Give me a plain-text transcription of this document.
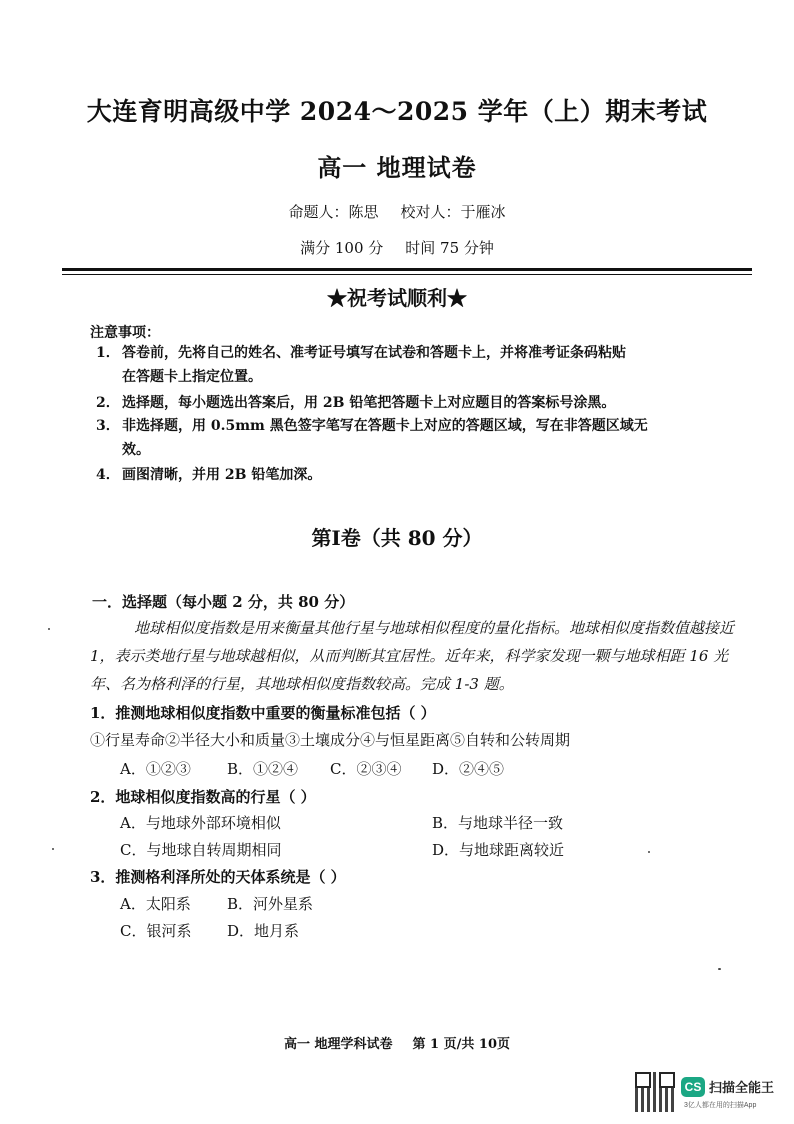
大连育明高级中学 2024～2025 学年（上）期末考试
高一 地理试卷
命题人：陈思 校对人：于雁冰
满分 100 分 时间 75 分钟
★祝考试顺利★
注意事项：
1． 答卷前，先将自己的姓名、准考证号填写在试卷和答题卡上，并将准考证条码粘贴
在答题卡上指定位置。
2． 选择题，每小题选出答案后，用 2B 铅笔把答题卡上对应题目的答案标号涂黑。
3． 非选择题，用 0.5mm 黑色签字笔写在答题卡上对应的答题区域，写在非答题区域无
效。
4． 画图清晰，并用 2B 铅笔加深。
第I卷（共 80 分）
一．选择题（每小题 2 分，共 80 分）
地球相似度指数是用来衡量其他行星与地球相似程度的量化指标。地球相似度指数值越接近 1，表示类地行星与地球越相似，从而判断其宜居性。近年来，科学家发现一颗与地球相距 16 光年、名为格利泽的行星，其地球相似度指数较高。完成 1-3 题。
1．推测地球相似度指数中重要的衡量标准包括（ ）
①行星寿命②半径大小和质量③土壤成分④与恒星距离⑤自转和公转周期
A．①②③ B．①②④ C．②③④ D．②④⑤
2．地球相似度指数高的行星（ ）
A．与地球外部环境相似	B．与地球半径一致
C．与地球自转周期相同	D．与地球距离较近
3．推测格利泽所处的天体系统是（ ）
A．太阳系 B．河外星系
C．银河系 D．地月系
高一 地理学科试卷 第 1 页/共 10页
CS 扫描全能王
3亿人都在用的扫描App
